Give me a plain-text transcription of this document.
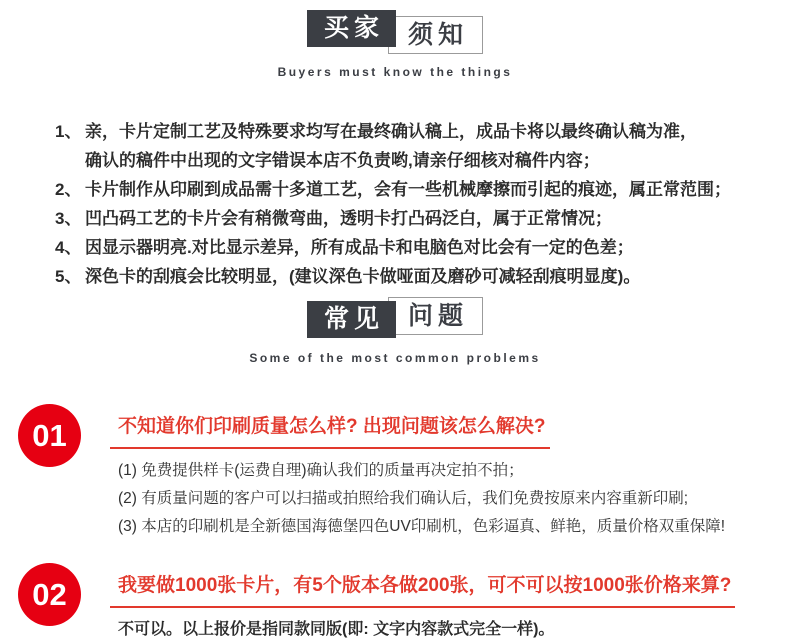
买家 须知
Buyers must know the things
1、 亲，卡片定制工艺及特殊要求均写在最终确认稿上，成品卡将以最终确认稿为准，
确认的稿件中出现的文字错误本店不负责哟,请亲仔细核对稿件内容；
2、 卡片制作从印刷到成品需十多道工艺，会有一些机械摩擦而引起的痕迹，属正常范围；
3、 凹凸码工艺的卡片会有稍微弯曲，透明卡打凸码泛白，属于正常情况；
4、 因显示器明亮.对比显示差异，所有成品卡和电脑色对比会有一定的色差；
5、 深色卡的刮痕会比较明显，(建议深色卡做哑面及磨砂可减轻刮痕明显度)。
常见 问题
Some of the most common problems
01	不知道你们印刷质量怎么样? 出现问题该怎么解决?
(1) 免费提供样卡(运费自理)确认我们的质量再决定拍不拍；
(2) 有质量问题的客户可以扫描或拍照给我们确认后，我们免费按原来内容重新印刷;
(3) 本店的印刷机是全新德国海德堡四色UV印刷机，色彩逼真、鲜艳，质量价格双重保障!
02	我要做1000张卡片，有5个版本各做200张，可不可以按1000张价格来算?
不可以。以上报价是指同款同版(即: 文字内容款式完全一样)。
